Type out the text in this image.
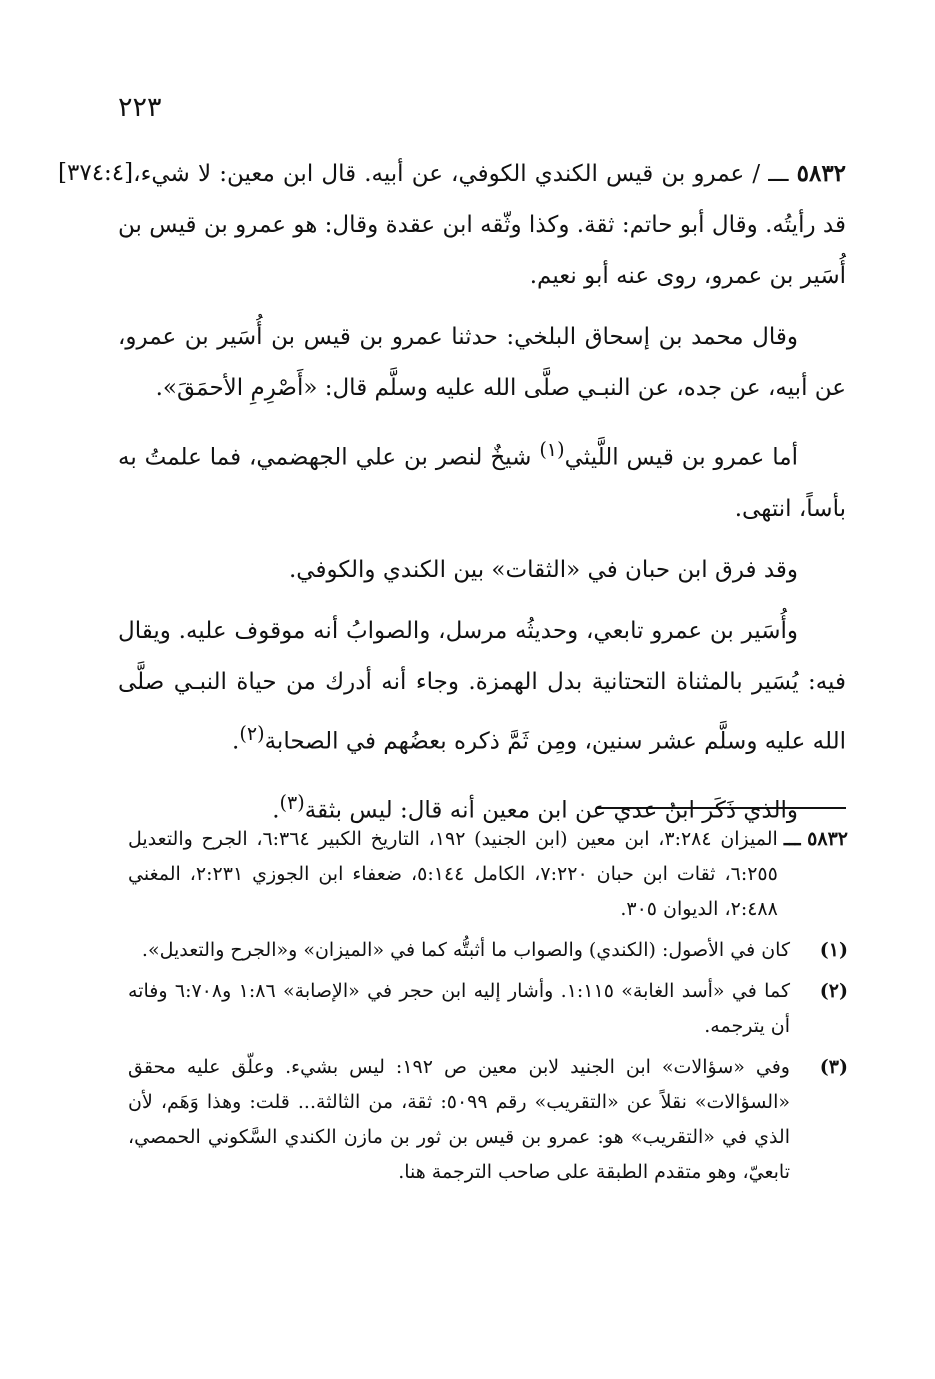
٢٢٣

[٣٧٤:٤]	٥٨٣٢ ـــ / عمرو بن قيس الكندي الكوفي، عن أبيه. قال ابن معين: لا شيء، قد رأيتُه. وقال أبو حاتم: ثقة. وكذا وثّقه ابن عقدة وقال: هو عمرو بن قيس بن أُسَير بن عمرو، روى عنه أبو نعيم.

وقال محمد بن إسحاق البلخي: حدثنا عمرو بن قيس بن أُسَير بن عمرو، عن أبيه، عن جده، عن النبـي صلَّى الله عليه وسلَّم قال: «أَصْرِمِ الأحمَقَ».

أما عمرو بن قيس اللَّيثي$^{(١)}$ شيخٌ لنصر بن علي الجهضمي، فما علمتُ به بأساً، انتهى.

وقد فرق ابن حبان في «الثقات» بين الكندي والكوفي.

وأُسَير بن عمرو تابعي، وحديثُه مرسل، والصوابُ أنه موقوف عليه. ويقال فيه: يُسَير بالمثناة التحتانية بدل الهمزة. وجاء أنه أدرك من حياة النبـي صلَّى الله عليه وسلَّم عشر سنين، ومِن ثَمَّ ذكره بعضُهم في الصحابة$^{(٢)}$.

والذي ذَكَر ابنُ عدي عن ابن معين أنه قال: ليس بثقة$^{(٣)}$.

٥٨٣٢ ـــ
الميزان ٣:٢٨٤، ابن معين (ابن الجنيد) ١٩٢، التاريخ الكبير ٦:٣٦٤، الجرح والتعديل ٦:٢٥٥، ثقات ابن حبان ٧:٢٢٠، الكامل ٥:١٤٤، ضعفاء ابن الجوزي ٢:٢٣١، المغني ٢:٤٨٨، الديوان ٣٠٥.
(١)
كان في الأصول: (الكندي) والصواب ما أثبتُّه كما في «الميزان» و«الجرح والتعديل».
(٢)
كما في «أسد الغابة» ١:١١٥. وأشار إليه ابن حجر في «الإصابة» ١:٨٦ و٦:٧٠٨ وفاته أن يترجمه.
(٣)
وفي «سؤالات» ابن الجنيد لابن معين ص ١٩٢: ليس بشيء. وعلّق عليه محقق «السؤالات» نقلاً عن «التقريب» رقم ٥٠٩٩: ثقة، من الثالثة... قلت: وهذا وَهَم، لأن الذي في «التقريب» هو: عمرو بن قيس بن ثور بن مازن الكندي السَّكوني الحمصي، تابعيّ، وهو متقدم الطبقة على صاحب الترجمة هنا.
